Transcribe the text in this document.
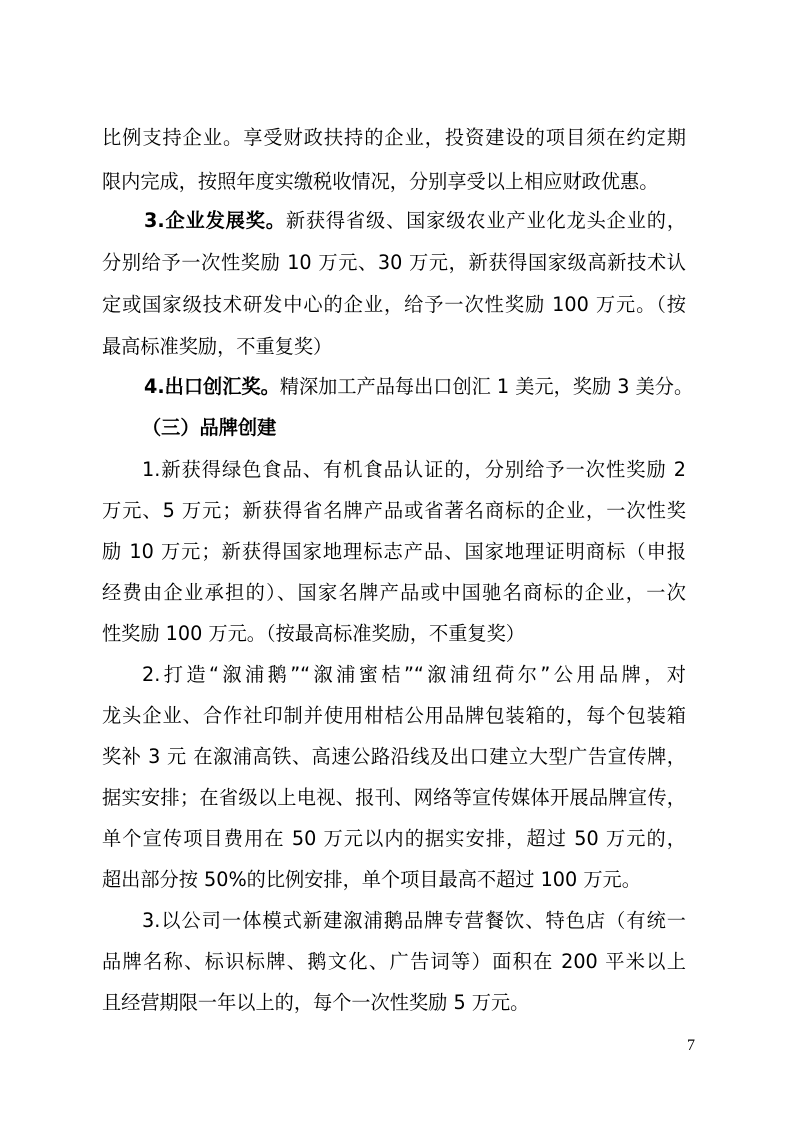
比例支持企业。享受财政扶持的企业，投资建设的项目须在约定期
限内完成，按照年度实缴税收情况，分别享受以上相应财政优惠。
3.企业发展奖。新获得省级、国家级农业产业化龙头企业的，
分别给予一次性奖励 10 万元、30 万元，新获得国家级高新技术认
定或国家级技术研发中心的企业，给予一次性奖励 100 万元。（按
最高标准奖励，不重复奖）
4.出口创汇奖。精深加工产品每出口创汇 1 美元，奖励 3 美分。
（三）品牌创建
1.新获得绿色食品、有机食品认证的，分别给予一次性奖励 2
万元、5 万元；新获得省名牌产品或省著名商标的企业，一次性奖
励 10 万元；新获得国家地理标志产品、国家地理证明商标（申报
经费由企业承担的）、国家名牌产品或中国驰名商标的企业，一次
性奖励 100 万元。（按最高标准奖励，不重复奖）
2.打造“溆浦鹅”“溆浦蜜桔”“溆浦纽荷尔”公用品牌，对
龙头企业、合作社印制并使用柑桔公用品牌包装箱的，每个包装箱
奖补 3 元 在溆浦高铁、高速公路沿线及出口建立大型广告宣传牌，
据实安排；在省级以上电视、报刊、网络等宣传媒体开展品牌宣传，
单个宣传项目费用在 50 万元以内的据实安排，超过 50 万元的，
超出部分按 50%的比例安排，单个项目最高不超过 100 万元。
3.以公司一体模式新建溆浦鹅品牌专营餐饮、特色店（有统一
品牌名称、标识标牌、鹅文化、广告词等）面积在 200 平米以上
且经营期限一年以上的，每个一次性奖励 5 万元。
7
